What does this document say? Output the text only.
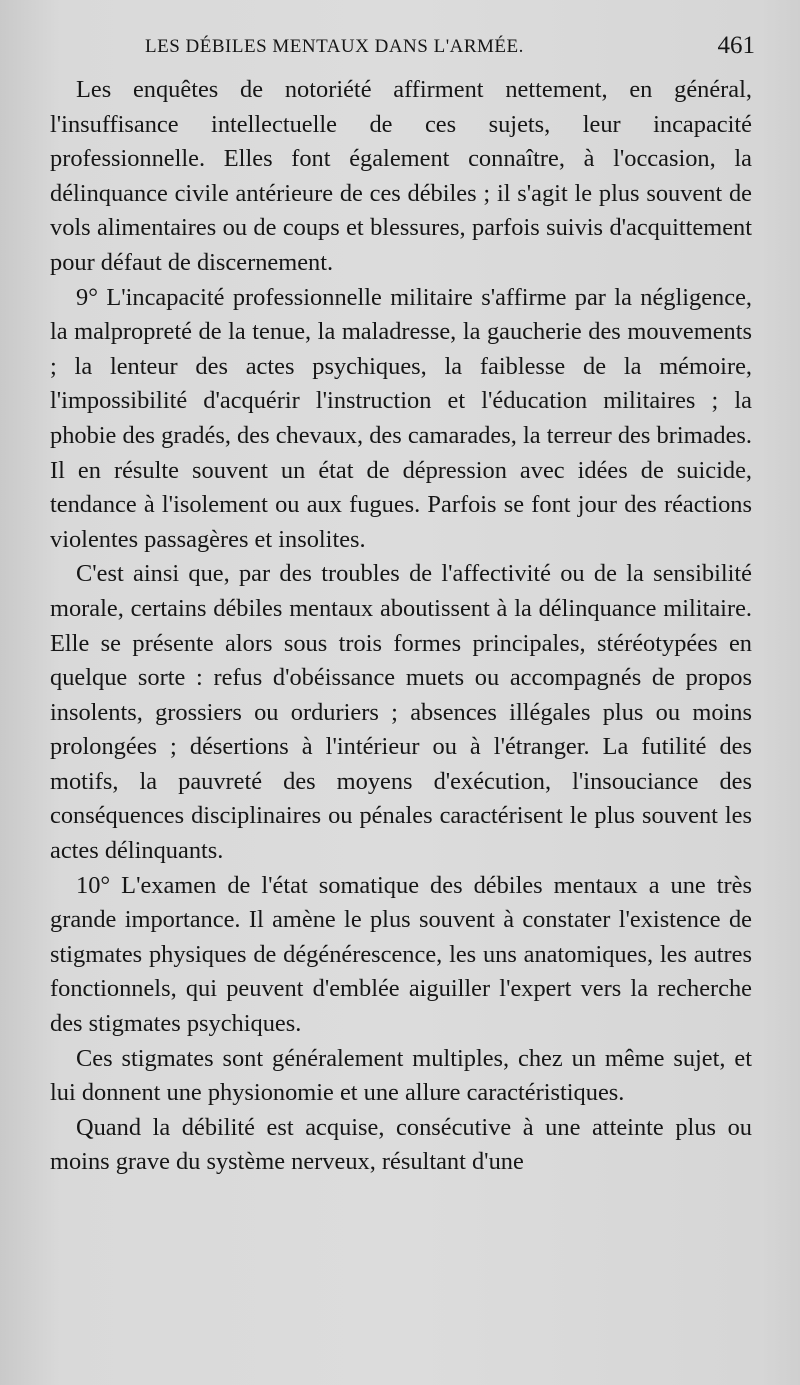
LES DÉBILES MENTAUX DANS L'ARMÉE.	461

Les enquêtes de notoriété affirment nettement, en général, l'insuffisance intellectuelle de ces sujets, leur incapacité professionnelle. Elles font également connaître, à l'occasion, la délinquance civile antérieure de ces débiles ; il s'agit le plus souvent de vols alimentaires ou de coups et blessures, parfois suivis d'acquittement pour défaut de discernement.

9° L'incapacité professionnelle militaire s'affirme par la négligence, la malpropreté de la tenue, la maladresse, la gaucherie des mouvements ; la lenteur des actes psychiques, la faiblesse de la mémoire, l'impossibilité d'acquérir l'instruction et l'éducation militaires ; la phobie des gradés, des chevaux, des camarades, la terreur des brimades. Il en résulte souvent un état de dépression avec idées de suicide, tendance à l'isolement ou aux fugues. Parfois se font jour des réactions violentes passagères et insolites.

C'est ainsi que, par des troubles de l'affectivité ou de la sensibilité morale, certains débiles mentaux aboutissent à la délinquance militaire. Elle se présente alors sous trois formes principales, stéréotypées en quelque sorte : refus d'obéissance muets ou accompagnés de propos insolents, grossiers ou orduriers ; absences illégales plus ou moins prolongées ; désertions à l'intérieur ou à l'étranger. La futilité des motifs, la pauvreté des moyens d'exécution, l'insouciance des conséquences disciplinaires ou pénales caractérisent le plus souvent les actes délinquants.

10° L'examen de l'état somatique des débiles mentaux a une très grande importance. Il amène le plus souvent à constater l'existence de stigmates physiques de dégénérescence, les uns anatomiques, les autres fonctionnels, qui peuvent d'emblée aiguiller l'expert vers la recherche des stigmates psychiques.

Ces stigmates sont généralement multiples, chez un même sujet, et lui donnent une physionomie et une allure caractéristiques.

Quand la débilité est acquise, consécutive à une atteinte plus ou moins grave du système nerveux, résultant d'une
